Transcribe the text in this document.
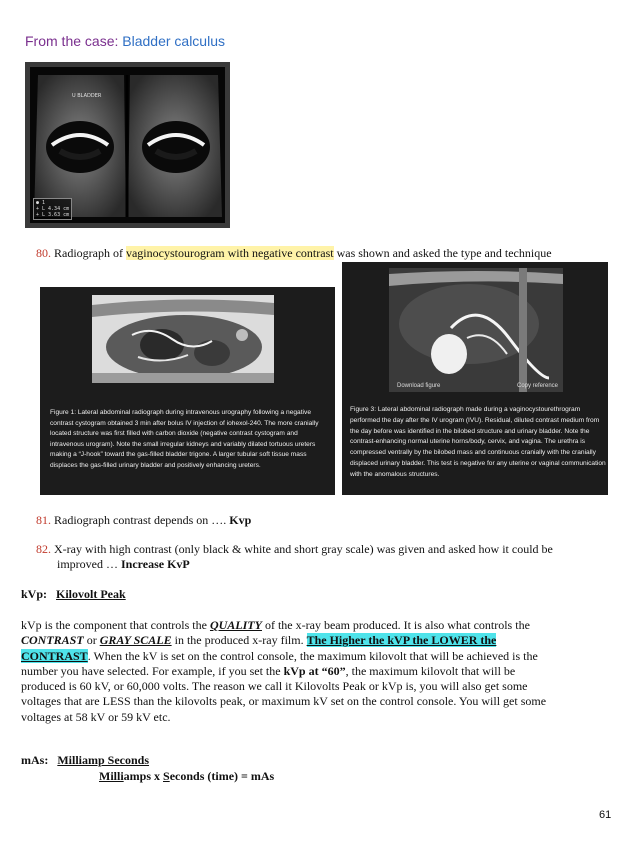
From the case: Bladder calculus
U BLADDER
● 1
+ L 4.34 cm
+ L 3.63 cm
80. Radiograph of vaginocystourogram with negative contrast was shown and asked the type and technique
Figure 1: Lateral abdominal radiograph during intravenous urography following a negative contrast cystogram obtained 3 min after bolus IV injection of iohexol-240. The more cranially located structure was first filled with carbon dioxide (negative contrast cystogram and intravenous urogram). Note the small irregular kidneys and variably dilated tortuous ureters making a “J-hook” toward the gas-filled bladder trigone. A larger tubular soft tissue mass displaces the gas-filled urinary bladder and positively enhancing ureters.
Download figure	Copy reference
Figure 3: Lateral abdominal radiograph made during a vaginocystourethrogram performed the day after the IV urogram (IVU). Residual, diluted contrast medium from the day before was identified in the bilobed structure and urinary bladder. Note the contrast-enhancing normal uterine horns/body, cervix, and vagina. The urethra is compressed ventrally by the bilobed mass and continuous cranially with the cranially displaced urinary bladder. This test is negative for any uterine or vaginal communication with the anomalous structures.
81. Radiograph contrast depends on …. Kvp
82. X-ray with high contrast (only black & white and short gray scale) was given and asked how it could be
improved … Increase KvP
kVp: Kilovolt Peak
kVp is the component that controls the QUALITY of the x-ray beam produced. It is also what controls the
CONTRAST or GRAY SCALE in the produced x-ray film. The Higher the kVP the LOWER the
CONTRAST. When the kV is set on the control console, the maximum kilovolt that will be achieved is the
number you have selected. For example, if you set the kVp at “60”, the maximum kilovolt that will be
produced is 60 kV, or 60,000 volts. The reason we call it Kilovolts Peak or kVp is, you will also get some
voltages that are LESS than the kilovolts peak, or maximum kV set on the control console. You will get some
voltages at 58 kV or 59 kV etc.
mAs: Milliamp Seconds
Milliamps x Seconds (time) = mAs
61
